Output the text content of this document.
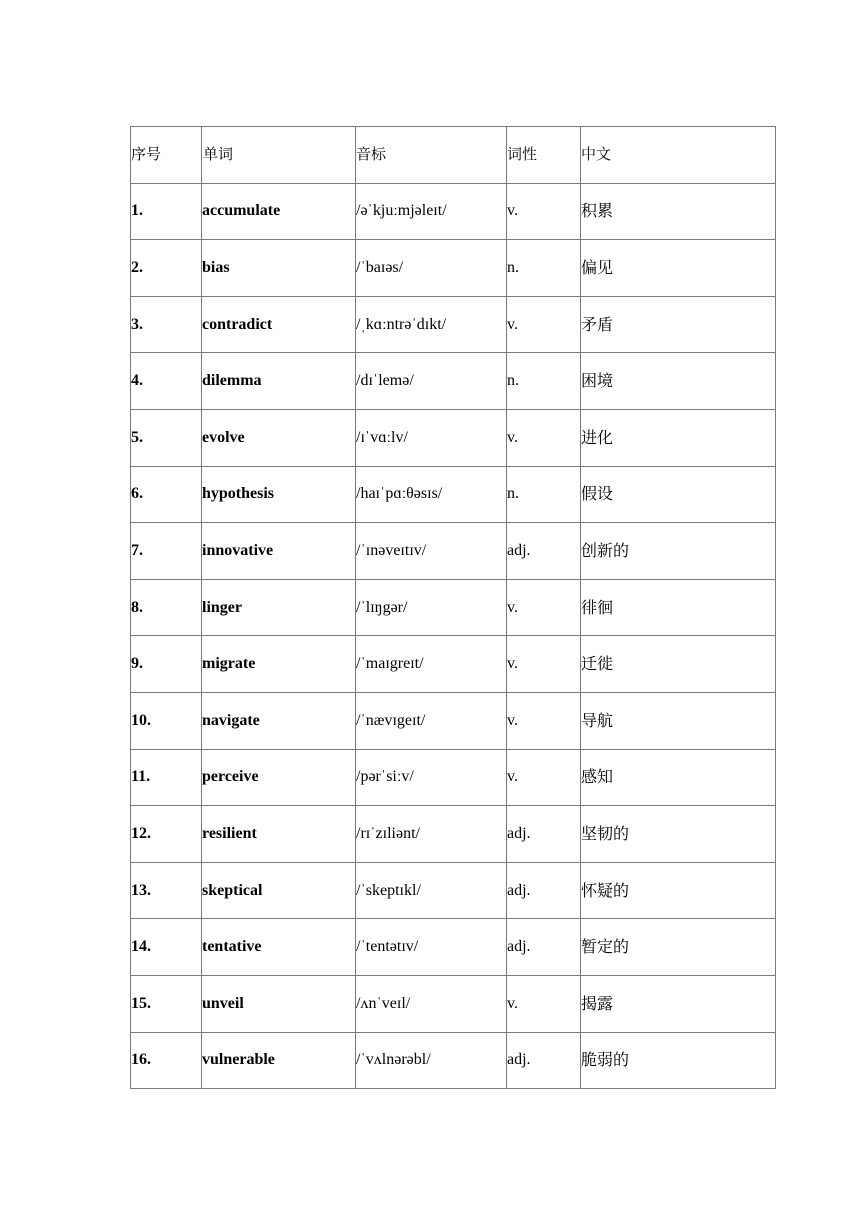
序号	单词	音标	词性	中文
1.	accumulate	/əˈkjuːmjəleɪt/	v.	积累
2.	bias	/ˈbaɪəs/	n.	偏见
3.	contradict	/ˌkɑːntrəˈdɪkt/	v.	矛盾
4.	dilemma	/dɪˈlemə/	n.	困境
5.	evolve	/ɪˈvɑːlv/	v.	进化
6.	hypothesis	/haɪˈpɑːθəsɪs/	n.	假设
7.	innovative	/ˈɪnəveɪtɪv/	adj.	创新的
8.	linger	/ˈlɪŋgər/	v.	徘徊
9.	migrate	/ˈmaɪgreɪt/	v.	迁徙
10.	navigate	/ˈnævɪgeɪt/	v.	导航
11.	perceive	/pərˈsiːv/	v.	感知
12.	resilient	/rɪˈzɪliənt/	adj.	坚韧的
13.	skeptical	/ˈskeptɪkl/	adj.	怀疑的
14.	tentative	/ˈtentətɪv/	adj.	暂定的
15.	unveil	/ʌnˈveɪl/	v.	揭露
16.	vulnerable	/ˈvʌlnərəbl/	adj.	脆弱的
